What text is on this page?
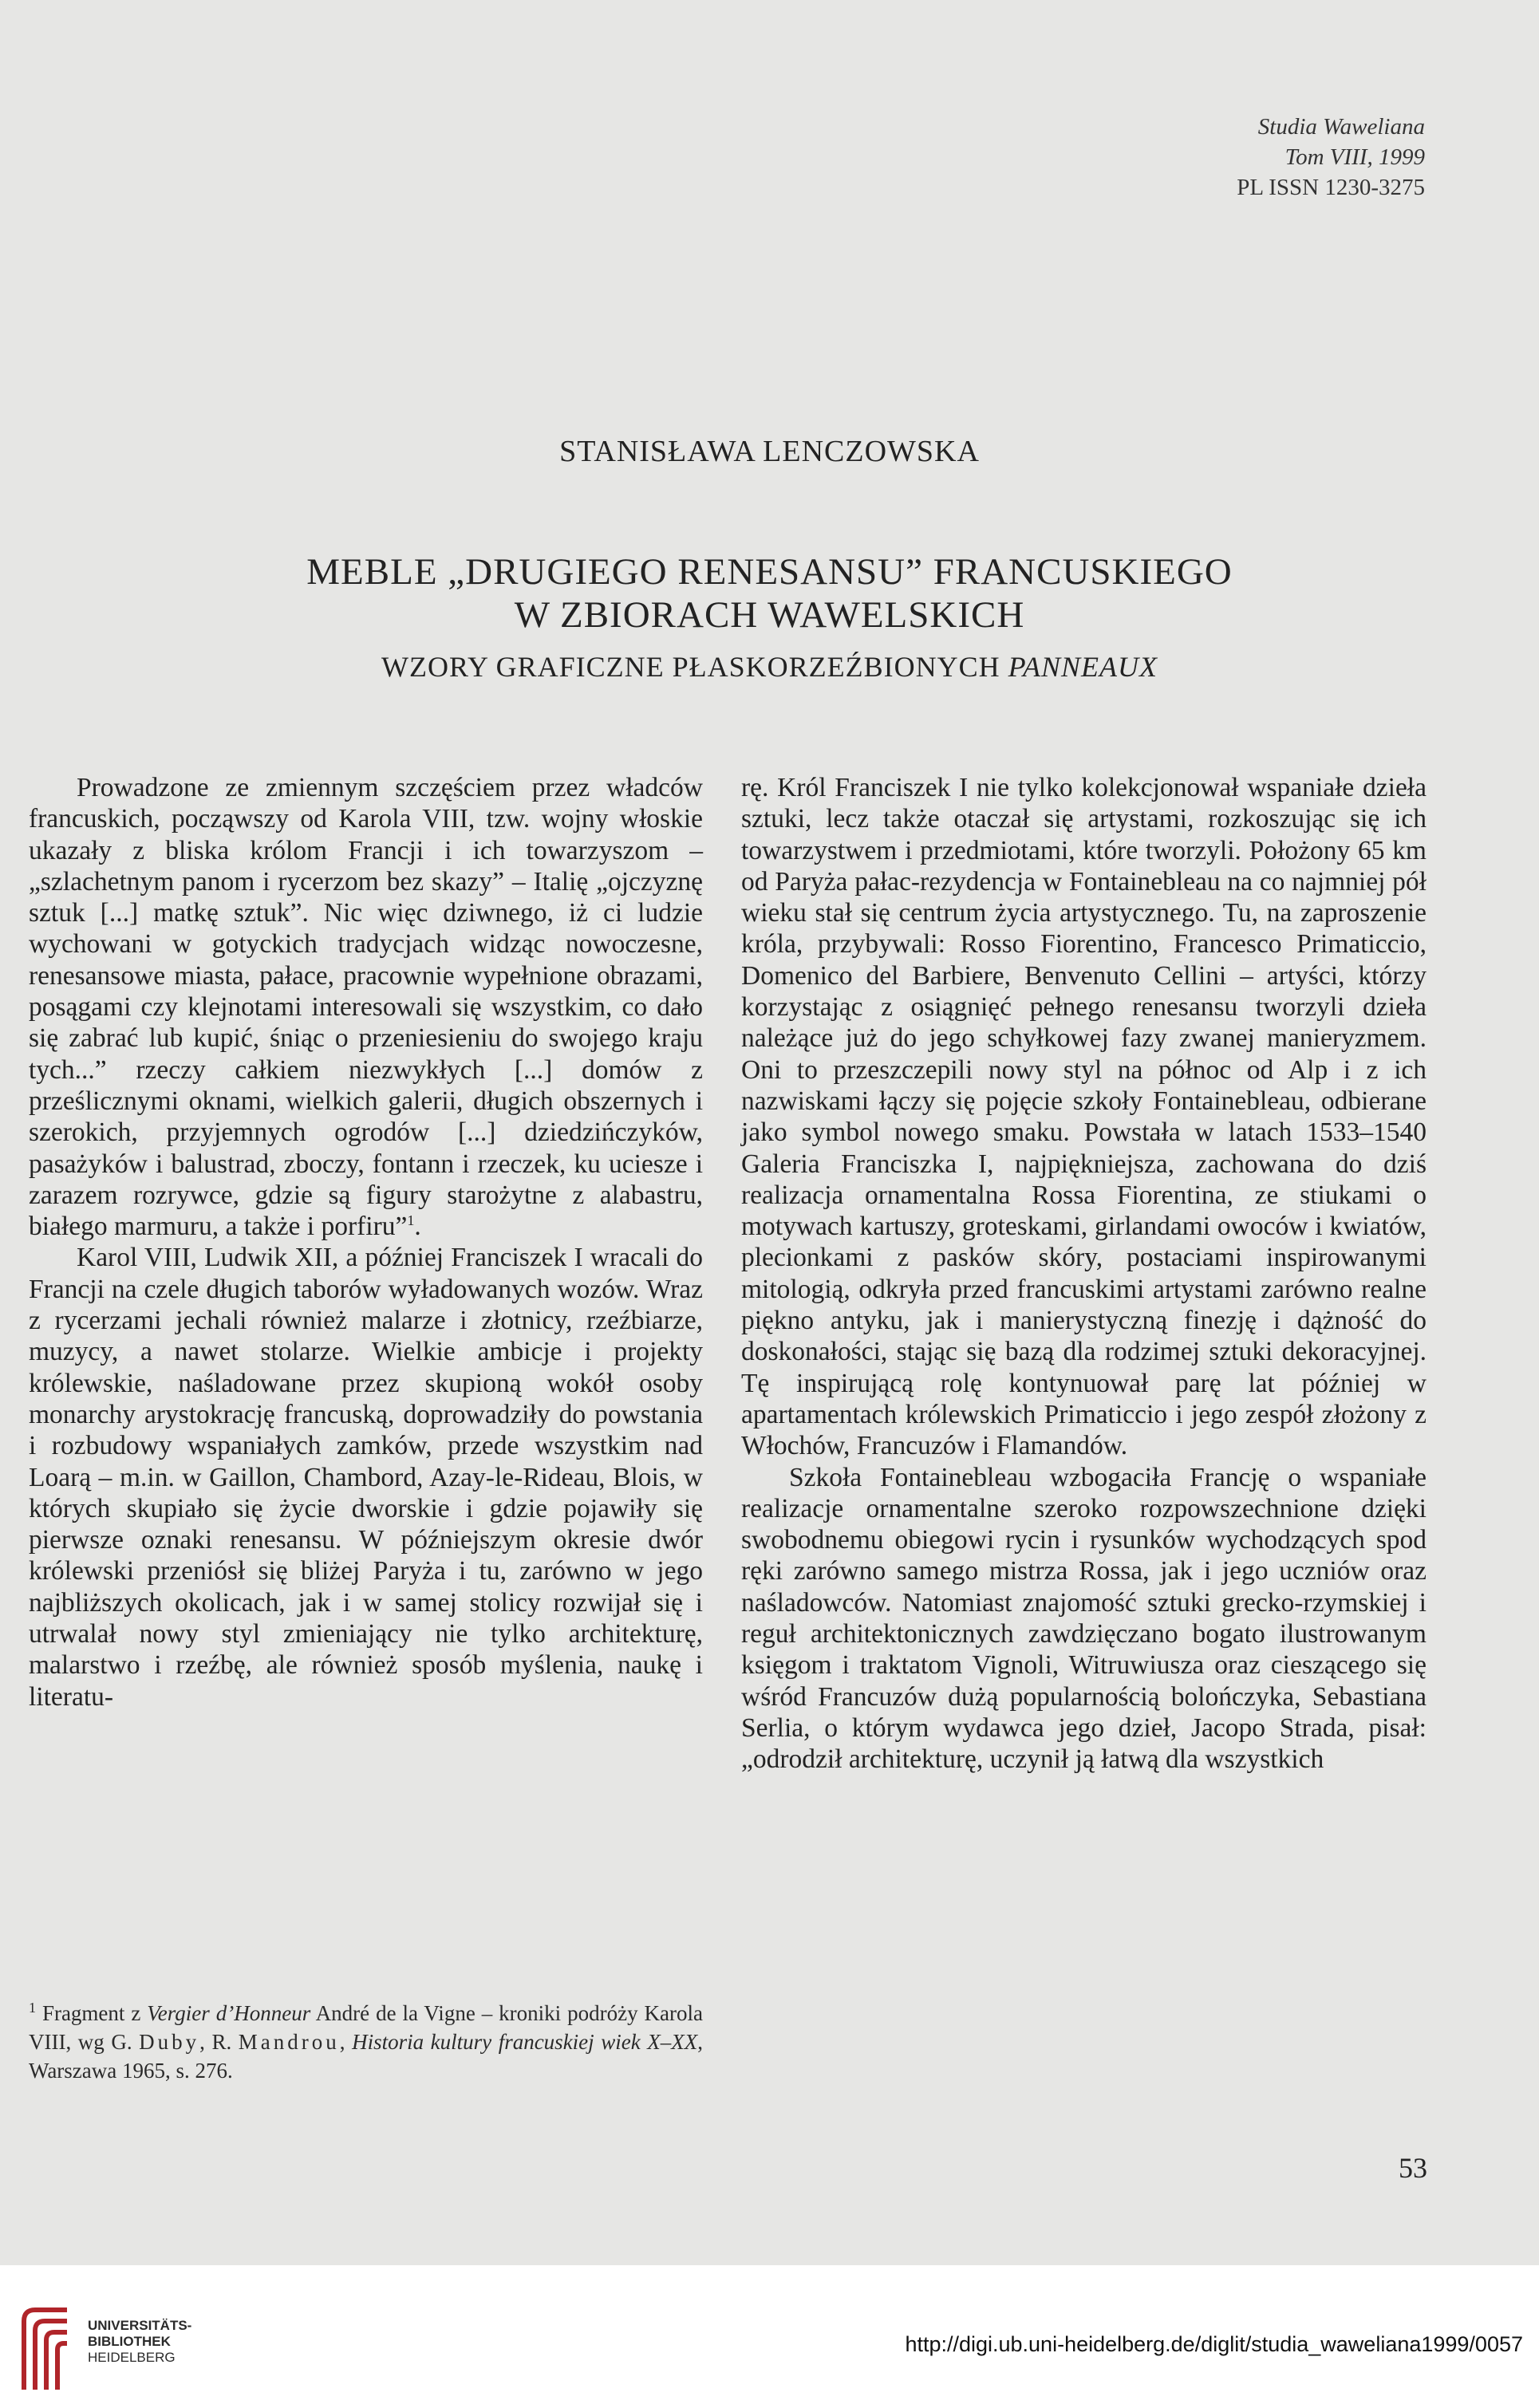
Studia Waweliana
Tom VIII, 1999
PL ISSN 1230-3275
STANISŁAWA LENCZOWSKA
MEBLE „DRUGIEGO RENESANSU” FRANCUSKIEGO
W ZBIORACH WAWELSKICH
WZORY GRAFICZNE PŁASKORZEŹBIONYCH PANNEAUX

Prowadzone ze zmiennym szczęściem przez władców francuskich, począwszy od Karola VIII, tzw. wojny włoskie ukazały z bliska królom Francji i ich towarzyszom – „szlachetnym panom i rycerzom bez skazy” – Italię „ojczyznę sztuk [...] matkę sztuk”. Nic więc dziwnego, iż ci ludzie wychowani w gotyckich tradycjach widząc nowoczesne, renesansowe miasta, pałace, pracownie wypełnione obrazami, posągami czy klejnotami interesowali się wszystkim, co dało się zabrać lub kupić, śniąc o przeniesieniu do swojego kraju tych...” rzeczy całkiem niezwykłych [...] domów z prześlicznymi oknami, wielkich galerii, długich obszernych i szerokich, przyjemnych ogrodów [...] dziedzińczyków, pasażyków i balustrad, zboczy, fontann i rzeczek, ku uciesze i zarazem rozrywce, gdzie są figury starożytne z alabastru, białego marmuru, a także i porfiru”$^1$.

Karol VIII, Ludwik XII, a później Franciszek I wracali do Francji na czele długich taborów wyładowanych wozów. Wraz z rycerzami jechali również malarze i złotnicy, rzeźbiarze, muzycy, a nawet stolarze. Wielkie ambicje i projekty królewskie, naśladowane przez skupioną wokół osoby monarchy arystokrację francuską, doprowadziły do powstania i rozbudowy wspaniałych zamków, przede wszystkim nad Loarą – m.in. w Gaillon, Chambord, Azay-le-Rideau, Blois, w których skupiało się życie dworskie i gdzie pojawiły się pierwsze oznaki renesansu. W późniejszym okresie dwór królewski przeniósł się bliżej Paryża i tu, zarówno w jego najbliższych okolicach, jak i w samej stolicy rozwijał się i utrwalał nowy styl zmieniający nie tylko architekturę, malarstwo i rzeźbę, ale również sposób myślenia, naukę i literatu-

rę. Król Franciszek I nie tylko kolekcjonował wspaniałe dzieła sztuki, lecz także otaczał się artystami, rozkoszując się ich towarzystwem i przedmiotami, które tworzyli. Położony 65 km od Paryża pałac-rezydencja w Fontainebleau na co najmniej pół wieku stał się centrum życia artystycznego. Tu, na zaproszenie króla, przybywali: Rosso Fiorentino, Francesco Primaticcio, Domenico del Barbiere, Benvenuto Cellini – artyści, którzy korzystając z osiągnięć pełnego renesansu tworzyli dzieła należące już do jego schyłkowej fazy zwanej manieryzmem. Oni to przeszczepili nowy styl na północ od Alp i z ich nazwiskami łączy się pojęcie szkoły Fontainebleau, odbierane jako symbol nowego smaku. Powstała w latach 1533–1540 Galeria Franciszka I, najpiękniejsza, zachowana do dziś realizacja ornamentalna Rossa Fiorentina, ze stiukami o motywach kartuszy, groteskami, girlandami owoców i kwiatów, plecionkami z pasków skóry, postaciami inspirowanymi mitologią, odkryła przed francuskimi artystami zarówno realne piękno antyku, jak i manierystyczną finezję i dążność do doskonałości, stając się bazą dla rodzimej sztuki dekoracyjnej. Tę inspirującą rolę kontynuował parę lat później w apartamentach królewskich Primaticcio i jego zespół złożony z Włochów, Francuzów i Flamandów.

Szkoła Fontainebleau wzbogaciła Francję o wspaniałe realizacje ornamentalne szeroko rozpowszechnione dzięki swobodnemu obiegowi rycin i rysunków wychodzących spod ręki zarówno samego mistrza Rossa, jak i jego uczniów oraz naśladowców. Natomiast znajomość sztuki grecko-rzymskiej i reguł architektonicznych zawdzięczano bogato ilustrowanym księgom i traktatom Vignoli, Witruwiusza oraz cieszącego się wśród Francuzów dużą popularnością bolończyka, Sebastiana Serlia, o którym wydawca jego dzieł, Jacopo Strada, pisał: „odrodził architekturę, uczynił ją łatwą dla wszystkich

$^1$ Fragment z Vergier d’Honneur André de la Vigne – kroniki podróży Karola VIII, wg G. Duby, R. Mandrou, Historia kultury francuskiej wiek X–XX, Warszawa 1965, s. 276.
53
UNIVERSITÄTS-
BIBLIOTHEK
HEIDELBERG
http://digi.ub.uni-heidelberg.de/diglit/studia_waweliana1999/0057
